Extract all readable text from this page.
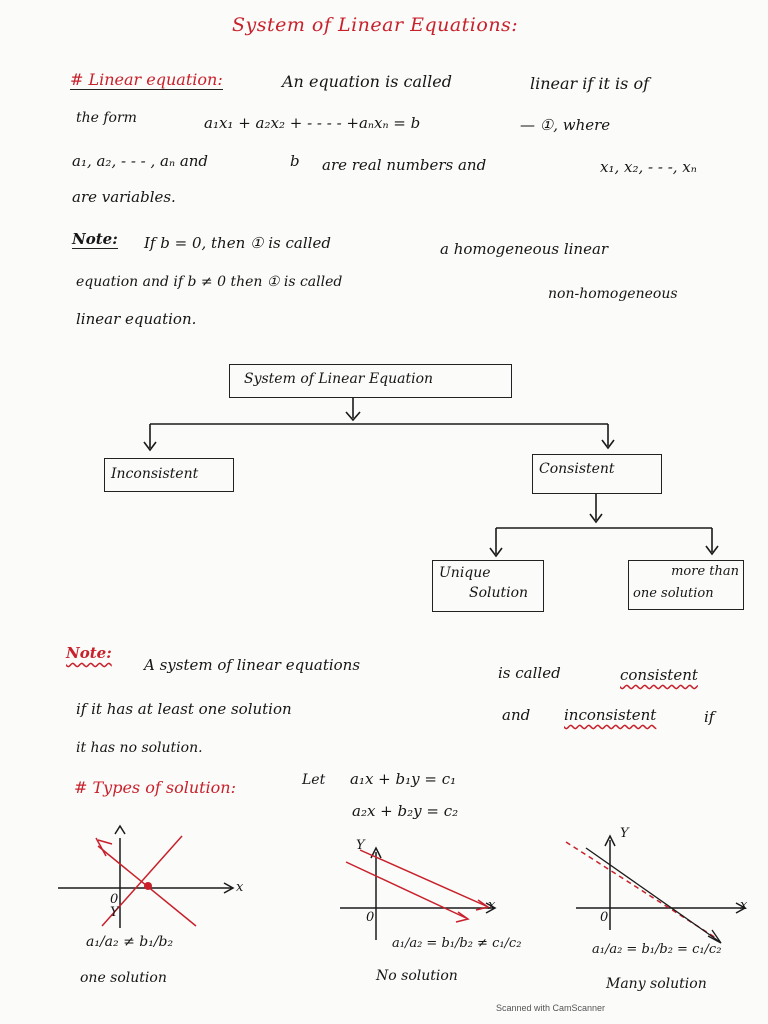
System of Linear Equations:
# Linear equation:	An equation is called	linear if it is of
the form	a₁x₁ + a₂x₂ + - - - - +aₙxₙ = b	— ①, where
a₁, a₂, - - - , aₙ and	b are real numbers and	x₁, x₂, - - -, xₙ
are variables.
Note: If b = 0, then ① is called	a homogeneous linear
equation and if b ≠ 0 then ① is called
non-homogeneous
linear equation.
System of Linear Equation
Inconsistent	Consistent
Unique
Solution
more than
one solution
Note:
A system of linear equations	is called	consistent
if it has at least one solution	and inconsistent	if
it has no solution.
# Types of solution:	Let a₁x + b₁y = c₁
a₂x + b₂y = c₂
Y
x
0
a₁/a₂ ≠ b₁/b₂
one solution
Y
x
0
a₁/a₂ = b₁/b₂ ≠ c₁/c₂
No solution
Y
x
0
a₁/a₂ = b₁/b₂ = c₁/c₂
Many solution
Scanned with CamScanner
